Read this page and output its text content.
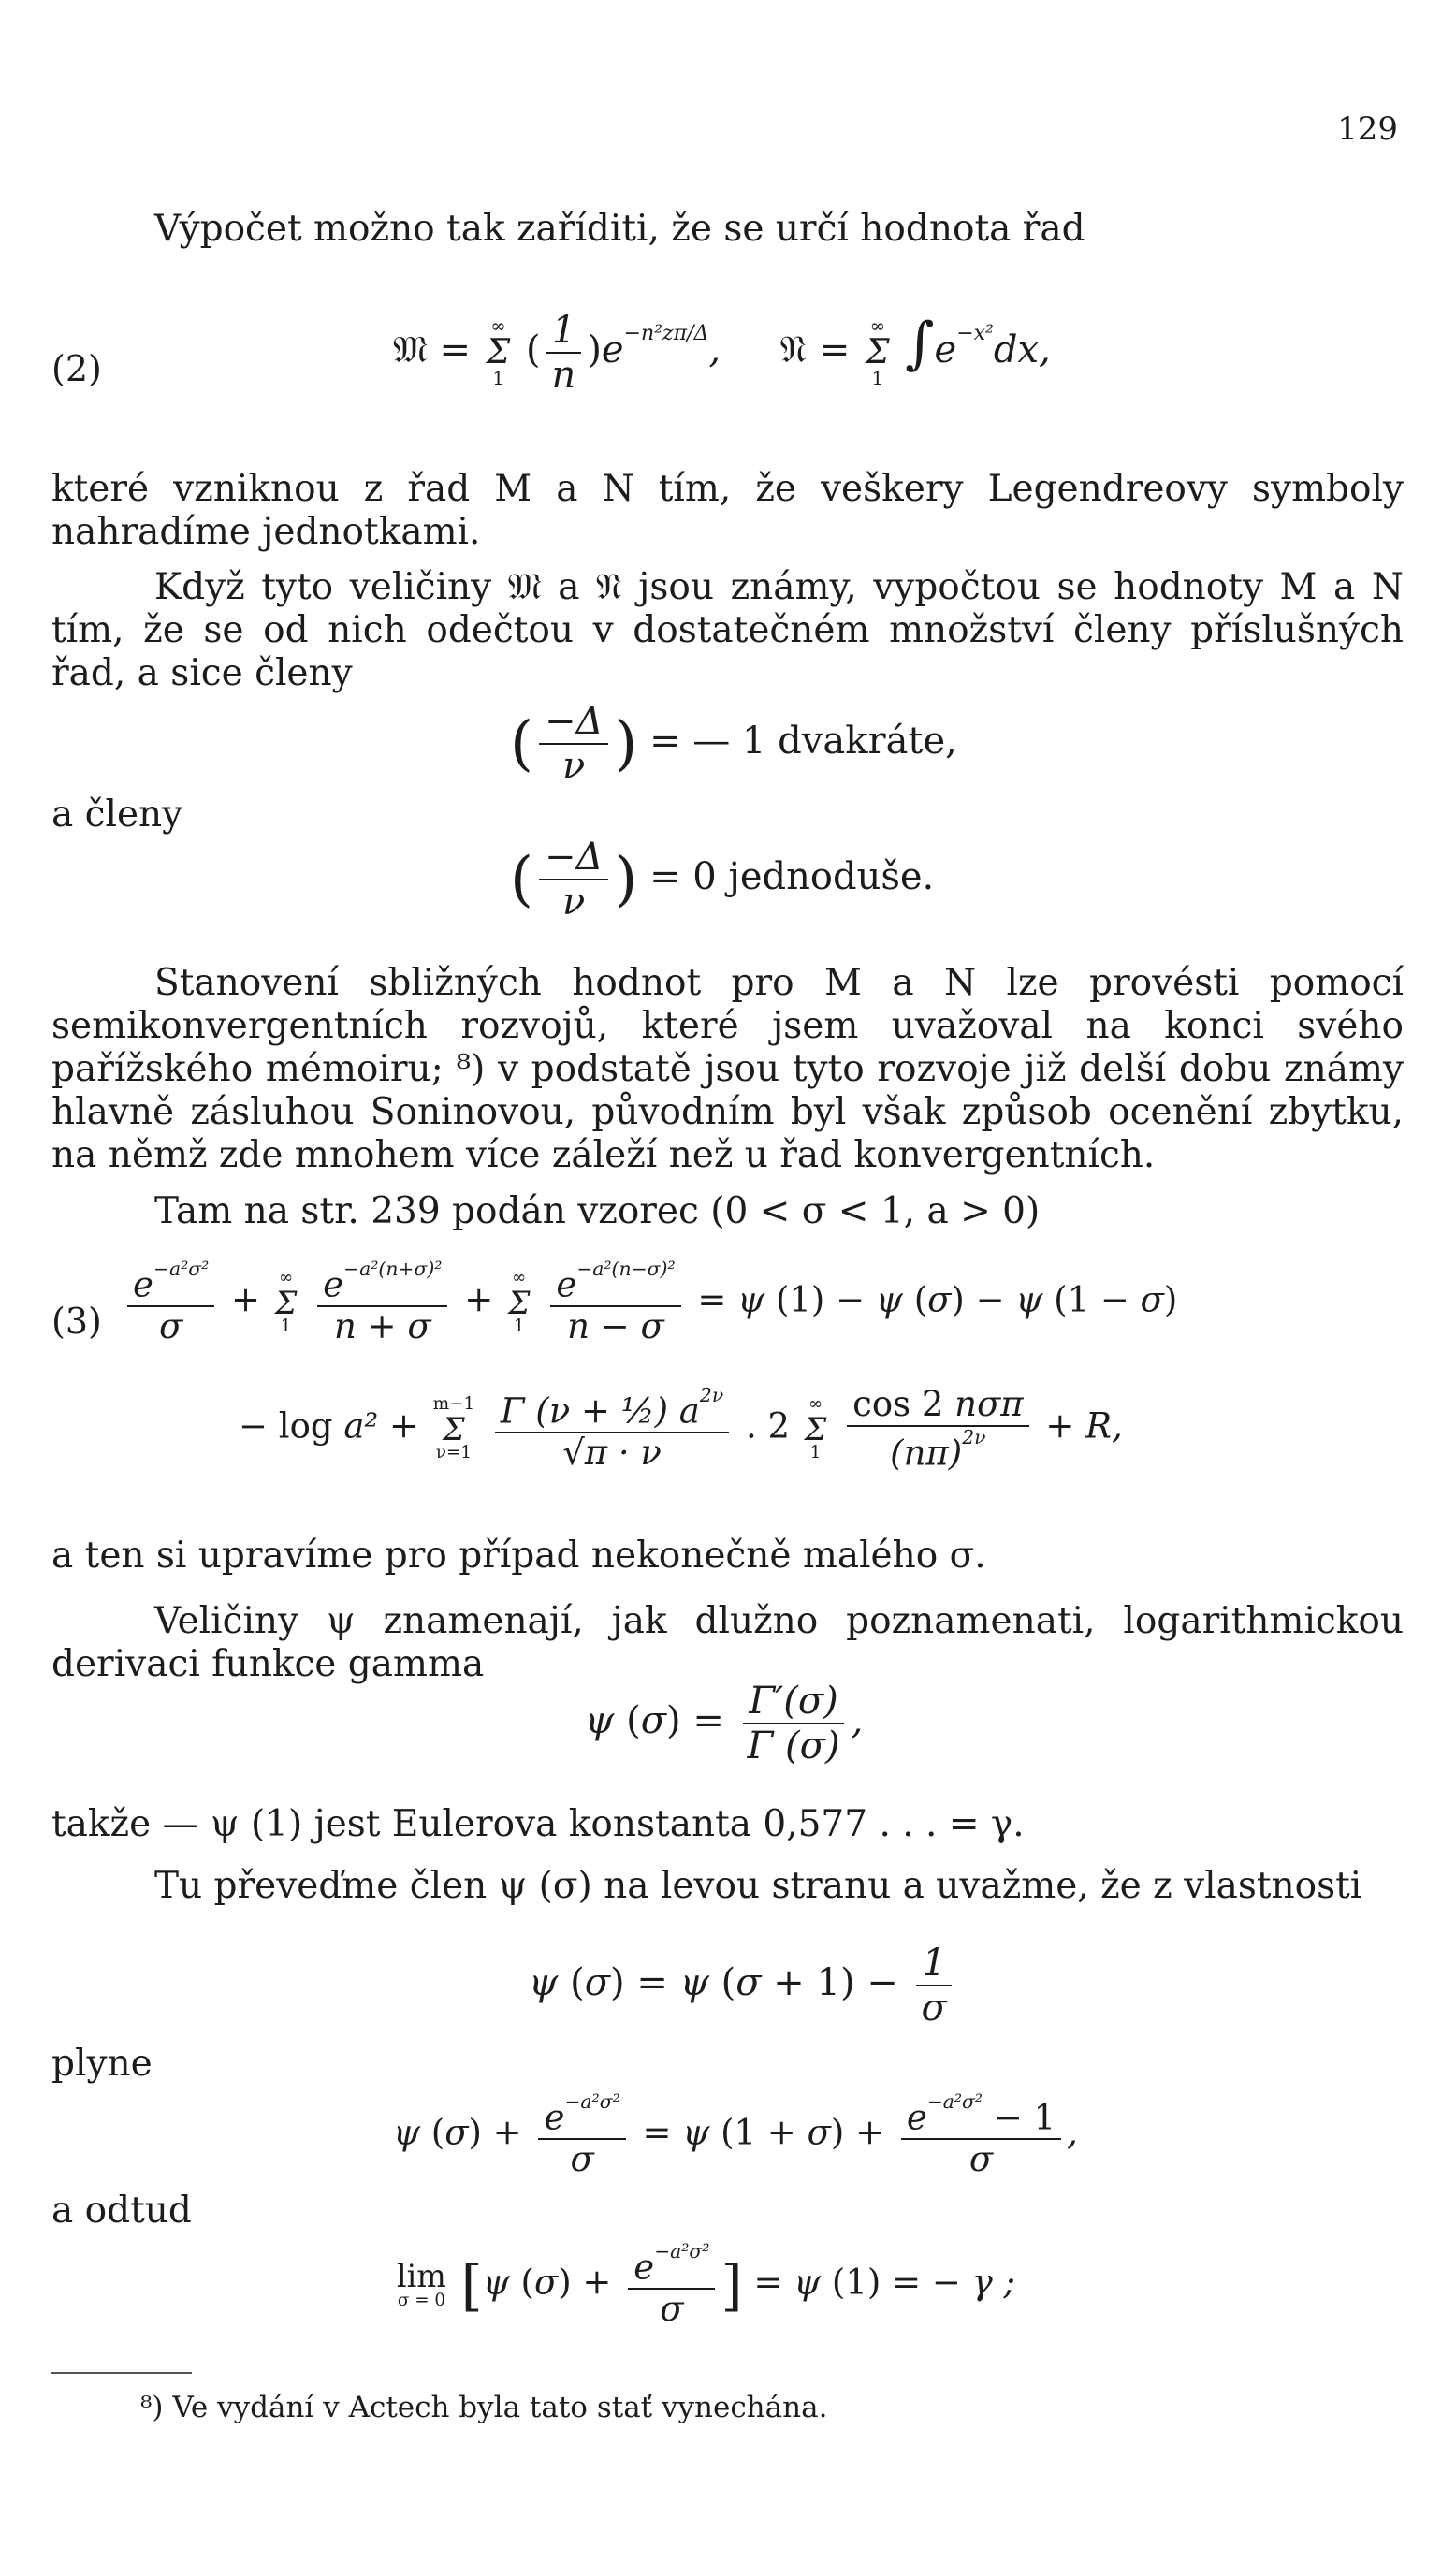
129
Výpočet možno tak zaříditi, že se určí hodnota řad
(2)	𝔐 =
∞
Σ
1
( $\frac{1}{n} )e^{-n^2z\pi/\Delta}$,     𝔑 =
∞
Σ
1
$\int e^{-x^2}dx$,
které vzniknou z řad M a N tím, že veškery Legendreovy symboly nahradíme jednotkami.
Když tyto veličiny 𝔐 a 𝔑 jsou známy, vypočtou se hodnoty M a N tím, že se od nich odečtou v dostatečném množství členy příslušných řad, a sice členy
( $\frac{-\Delta}{\nu}$ ) = — 1 dvakráte,
a členy
( $\frac{-\Delta}{\nu}$ ) = 0 jednoduše.
Stanovení sbližných hodnot pro M a N lze provésti pomocí semikonvergentních rozvojů, které jsem uvažoval na konci svého pařížského mémoiru; ⁸) v podstatě jsou tyto rozvoje již delší dobu známy hlavně zásluhou Soninovou, původním byl však způsob ocenění zbytku, na němž zde mnohem více záleží než u řad konvergentních.
Tam na str. 239 podán vzorec (0 < σ < 1, a > 0)
$(3) \frac{e^{-a^2\sigma^2}}{\sigma}$ +
∞
Σ
1
$\frac{e^{-a^2(n+\sigma)^2}}{n + \sigma}$ +
∞
Σ
1
$\frac{e^{-a^2(n-\sigma)^2}}{n - \sigma} = \psi$ (1) − ψ (σ) − ψ (1 − σ)
− log a² +
m−1
Σ
ν=1
$\frac{\Gamma (\nu + \frac{1}{2}) a^{2\nu}}{√\pi \cdot \nu}$ . 2
∞
Σ
1
$\frac{\text{cos 2 nσπ}}{(n\pi)^{2\nu}} + R$,
a ten si upravíme pro případ nekonečně malého σ.
Veličiny ψ znamenají, jak dlužno poznamenati, logarithmickou derivaci funkce gamma
ψ $(\sigma) = \frac{\Gamma'(\sigma)}{\Gamma (\sigma)}$ ,
takže — ψ (1) jest Eulerova konstanta 0,577 . . . = γ.
Tu převeďme člen ψ (σ) na levou stranu a uvažme, že z vlastnosti
ψ (σ) = ψ $(\sigma + 1) - \frac{1}{\sigma}$
plyne
ψ $(\sigma) + \frac{e^{-a^2\sigma^2}}{\sigma} = \psi$ $(1 + \sigma) + \frac{e^{-a^2\sigma^2} - 1}{\sigma}$ ,
a odtud
lim
σ = 0 [ψ $(\sigma) + \frac{e^{-a^2\sigma^2}}{\sigma}$ ] = ψ (1) = − γ ;
⁸) Ve vydání v Actech byla tato stať vynechána.
